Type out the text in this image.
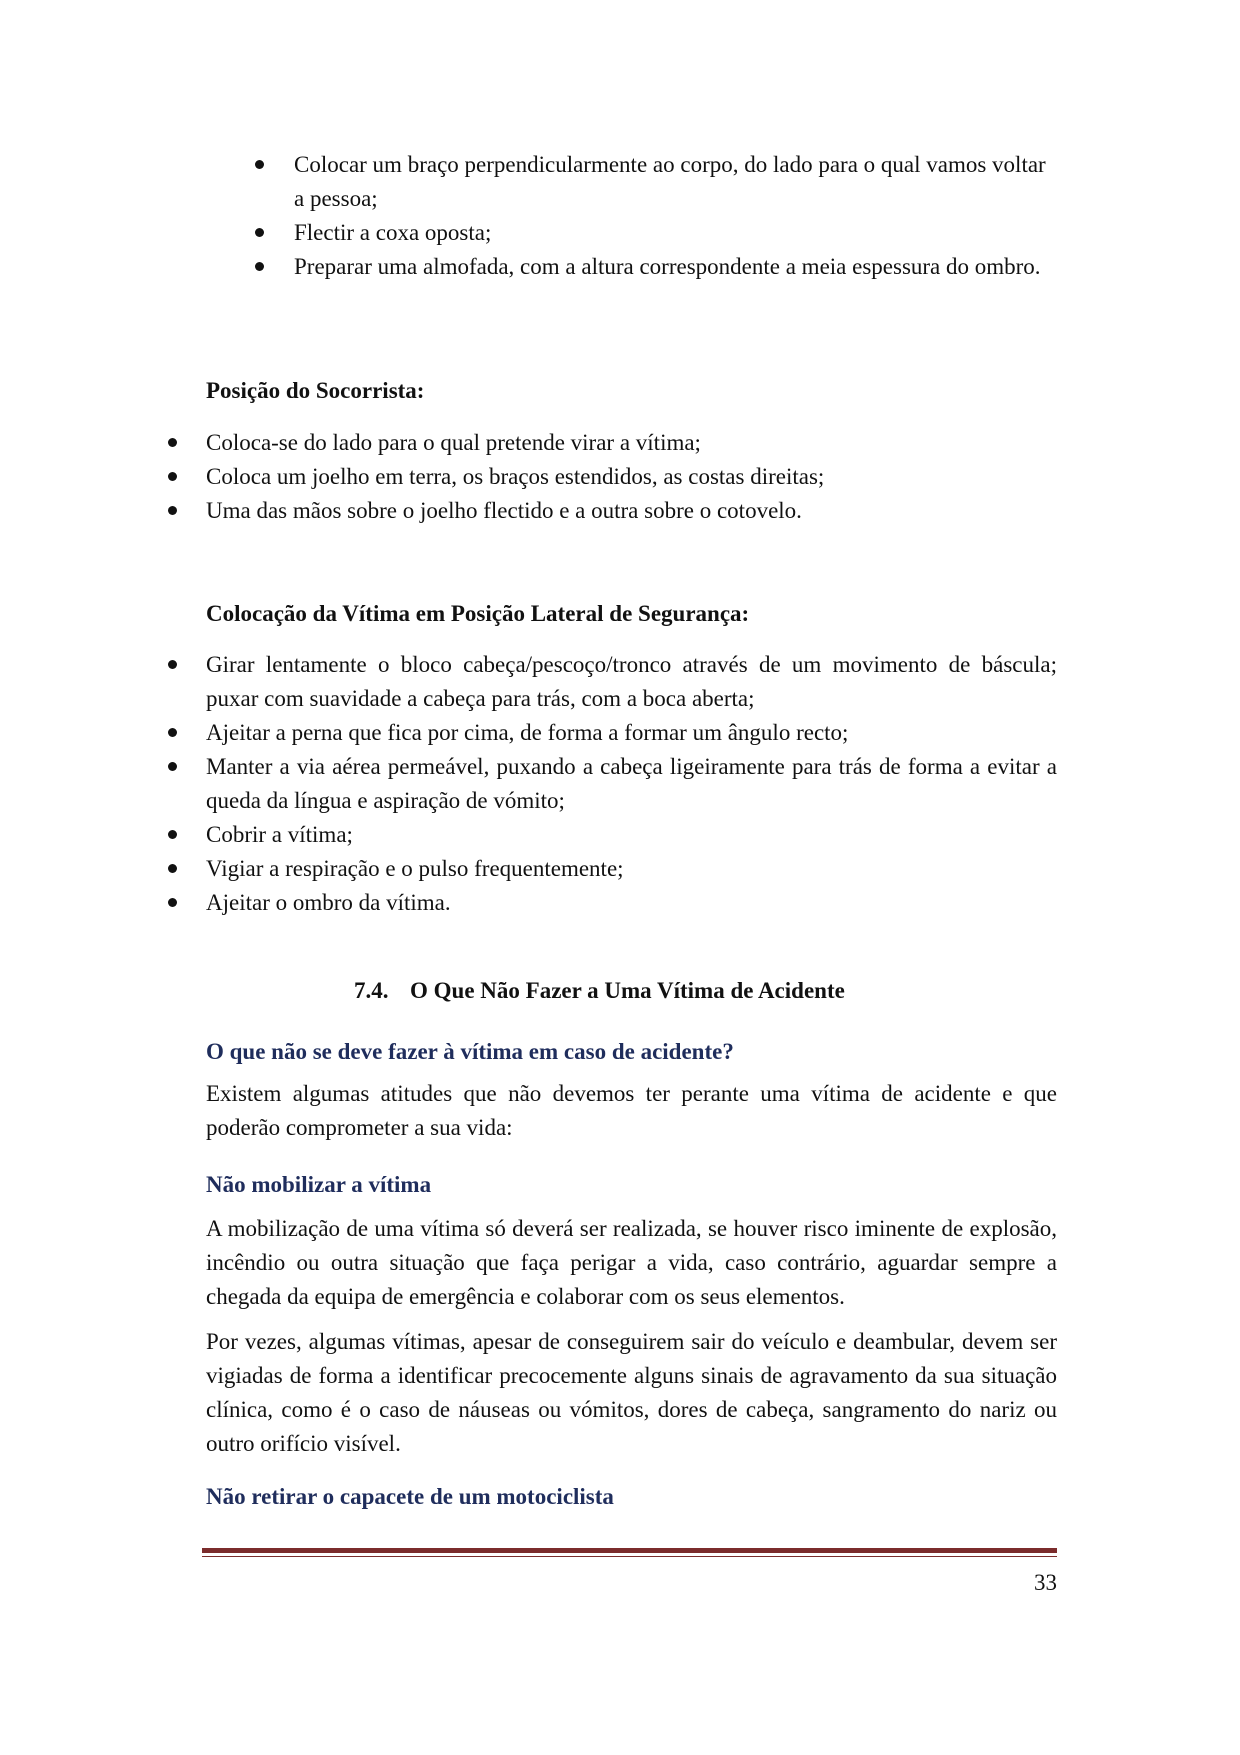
Colocar um braço perpendicularmente ao corpo, do lado para o qual vamos voltar a pessoa;
Flectir a coxa oposta;
Preparar uma almofada, com a altura correspondente a meia espessura do ombro.
Posição do Socorrista:
Coloca-se do lado para o qual pretende virar a vítima;
Coloca um joelho em terra, os braços estendidos, as costas direitas;
Uma das mãos sobre o joelho flectido e a outra sobre o cotovelo.
Colocação da Vítima em Posição Lateral de Segurança:
Girar lentamente o bloco cabeça/pescoço/tronco através de um movimento de báscula; puxar com suavidade a cabeça para trás, com a boca aberta;
Ajeitar a perna que fica por cima, de forma a formar um ângulo recto;
Manter a via aérea permeável, puxando a cabeça ligeiramente para trás de forma a evitar a queda da língua e aspiração de vómito;
Cobrir a vítima;
Vigiar a respiração e o pulso frequentemente;
Ajeitar o ombro da vítima.
7.4. O Que Não Fazer a Uma Vítima de Acidente
O que não se deve fazer à vítima em caso de acidente?

Existem algumas atitudes que não devemos ter perante uma vítima de acidente e que poderão comprometer a sua vida:

Não mobilizar a vítima

A mobilização de uma vítima só deverá ser realizada, se houver risco iminente de explosão, incêndio ou outra situação que faça perigar a vida, caso contrário, aguardar sempre a chegada da equipa de emergência e colaborar com os seus elementos.

Por vezes, algumas vítimas, apesar de conseguirem sair do veículo e deambular, devem ser vigiadas de forma a identificar precocemente alguns sinais de agravamento da sua situação clínica, como é o caso de náuseas ou vómitos, dores de cabeça, sangramento do nariz ou outro orifício visível.

Não retirar o capacete de um motociclista
33
